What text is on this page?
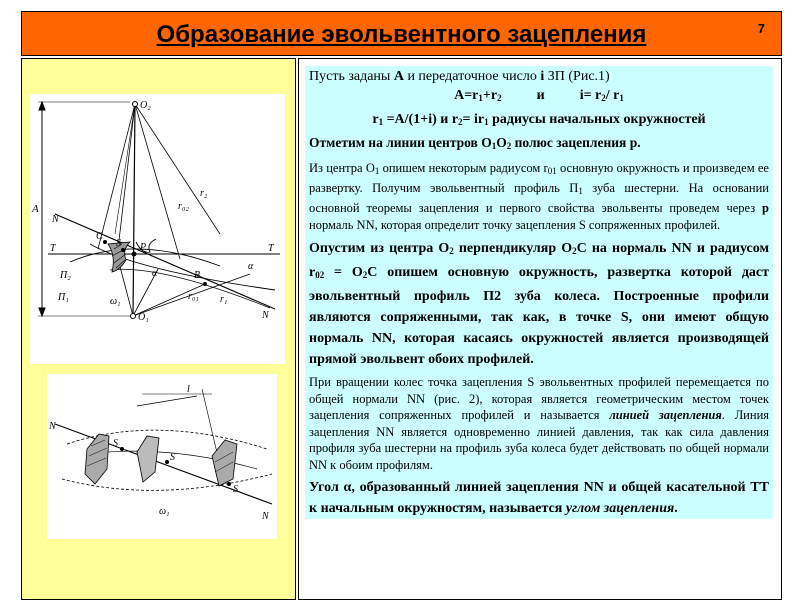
Образование эвольвентного зацепления	7
O₂
O₁
A
N
N
T	T
C
S P
r₂
r₀₂
r₀₁ r₁
B
α
α
Π₂
Π₁	ω₁
N
N
l
S
S
S
ω₁

Пусть заданы А и передаточное число i ЗП (Рис.1)

$A=r_1+r_2$	и	$i= r_2/$ $r_1$

$r_1 =A/(1+i)$ и $r_2= ir_1$ радиусы начальных окружностей

Отметим на линии центров $O_1O_2$ полюс зацепления р.

Из центра $O_1$ опишем некоторым радиусом $r_{01}$ основную окружность и произведем ее развертку. Получим эвольвентный профиль $П_1$ зуба шестерни. На основании основной теоремы зацепления и первого свойства эвольвенты проведем через р нормаль NN, которая определит точку зацепления S сопряженных профилей.

Опустим из центра $O_2$ перпендикуляр $O_2C$ на нормаль NN и радиусом $r_{02} = O_2C$ опишем основную окружность, развертка которой даст эвольвентный профиль П2 зуба колеса. Построенные профили являются сопряженными, так как, в точке S, они имеют общую нормаль NN, которая касаясь окружностей является производящей прямой эвольвент обоих профилей.

При вращении колес точка зацепления S эвольвентных профилей перемещается по общей нормали NN (рис. 2), которая является геометрическим местом точек зацепления сопряженных профилей и называется линией зацепления. Линия зацепления NN является одновременно линией давления, так как сила давления профиля зуба шестерни на профиль зуба колеса будет действовать по общей нормали NN к обоим профилям.

Угол α, образованный линией зацепления NN и общей касательной ТТ к начальным окружностям, называется углом зацепления.
